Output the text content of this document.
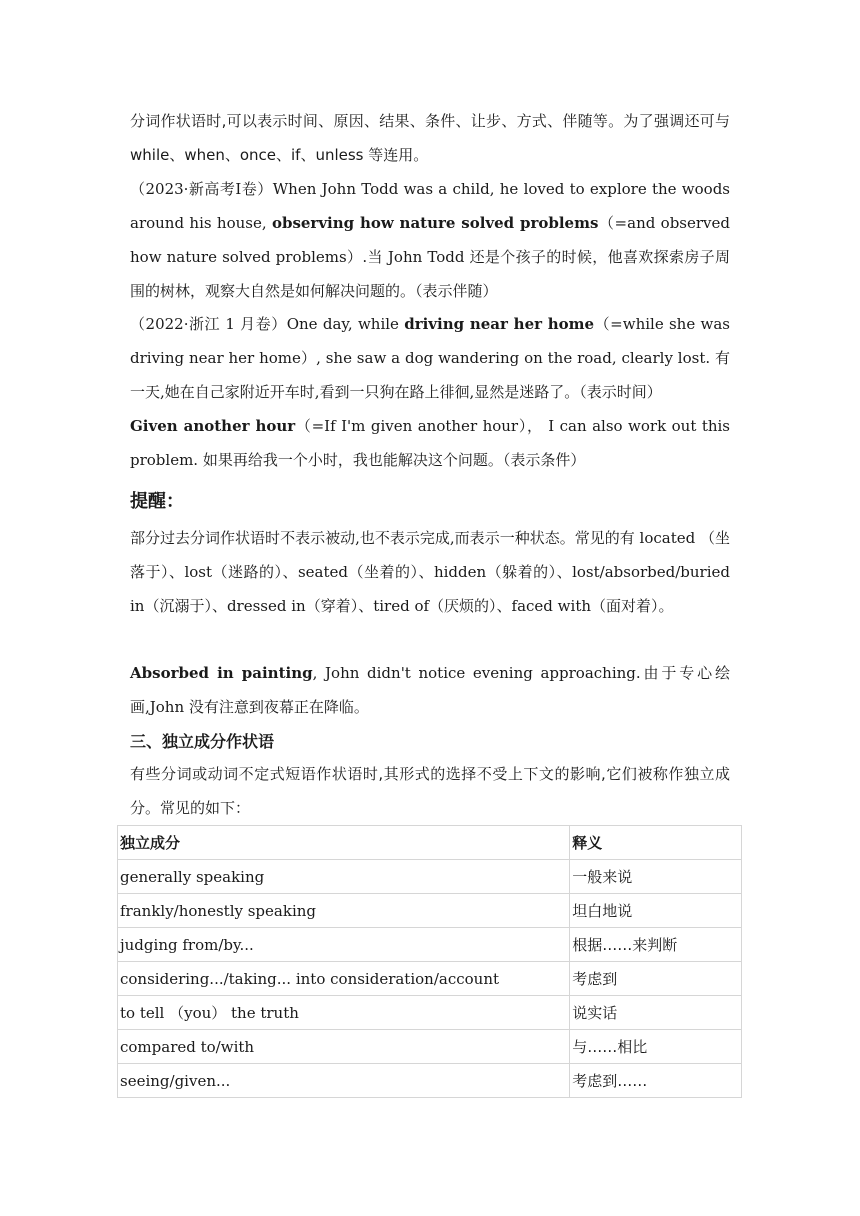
分词作状语时,可以表示时间、原因、结果、条件、让步、方式、伴随等。为了强调还可与 while、when、once、if、unless 等连用。

（2023·新高考Ⅰ卷）When John Todd was a child, he loved to explore the woods around his house, observing how nature solved problems（=and observed how nature solved problems）.当 John Todd 还是个孩子的时候，他喜欢探索房子周围的树林，观察大自然是如何解决问题的。（表示伴随）

（2022·浙江 1 月卷）One day, while driving near her home（=while she was driving near her home）, she saw a dog wandering on the road, clearly lost. 有一天,她在自己家附近开车时,看到一只狗在路上徘徊,显然是迷路了。（表示时间）

Given another hour（=If I'm given another hour）， I can also work out this problem. 如果再给我一个小时，我也能解决这个问题。（表示条件）

提醒：

部分过去分词作状语时不表示被动,也不表示完成,而表示一种状态。常见的有 located （坐落于）、lost（迷路的）、seated（坐着的）、hidden（躲着的）、lost/absorbed/buried in（沉溺于）、dressed in（穿着）、tired of（厌烦的）、faced with（面对着）。

Absorbed in painting, John didn't notice evening approaching.由于专心绘画,John 没有注意到夜幕正在降临。

三、独立成分作状语

有些分词或动词不定式短语作状语时,其形式的选择不受上下文的影响,它们被称作独立成分。常见的如下：

独立成分	释义
generally speaking	一般来说
frankly/honestly speaking	坦白地说
judging from/by...	根据……来判断
considering.../taking... into consideration/account	考虑到
to tell （you） the truth	说实话
compared to/with	与……相比
seeing/given...	考虑到……
